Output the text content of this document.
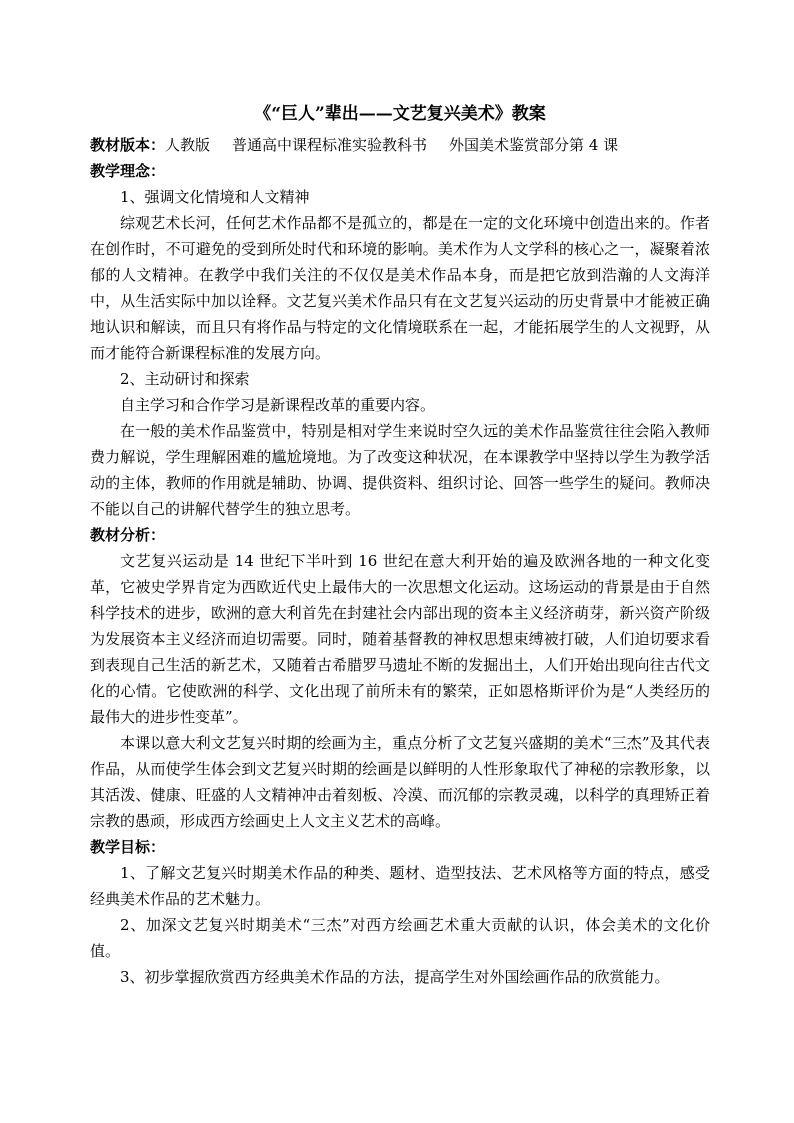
《“巨人”辈出——文艺复兴美术》教案
教材版本：人教版 普通高中课程标准实验教科书 外国美术鉴赏部分第 4 课
教学理念：
1、强调文化情境和人文精神
综观艺术长河，任何艺术作品都不是孤立的，都是在一定的文化环境中创造出来的。作者在创作时，不可避免的受到所处时代和环境的影响。美术作为人文学科的核心之一，凝聚着浓郁的人文精神。在教学中我们关注的不仅仅是美术作品本身，而是把它放到浩瀚的人文海洋中，从生活实际中加以诠释。文艺复兴美术作品只有在文艺复兴运动的历史背景中才能被正确地认识和解读，而且只有将作品与特定的文化情境联系在一起，才能拓展学生的人文视野，从而才能符合新课程标准的发展方向。
2、主动研讨和探索
自主学习和合作学习是新课程改革的重要内容。
在一般的美术作品鉴赏中，特别是相对学生来说时空久远的美术作品鉴赏往往会陷入教师费力解说，学生理解困难的尴尬境地。为了改变这种状况，在本课教学中坚持以学生为教学活动的主体，教师的作用就是辅助、协调、提供资料、组织讨论、回答一些学生的疑问。教师决不能以自己的讲解代替学生的独立思考。
教材分析：
文艺复兴运动是 14 世纪下半叶到 16 世纪在意大利开始的遍及欧洲各地的一种文化变革，它被史学界肯定为西欧近代史上最伟大的一次思想文化运动。这场运动的背景是由于自然科学技术的进步，欧洲的意大利首先在封建社会内部出现的资本主义经济萌芽，新兴资产阶级为发展资本主义经济而迫切需要。同时，随着基督教的神权思想束缚被打破，人们迫切要求看到表现自己生活的新艺术，又随着古希腊罗马遗址不断的发掘出土，人们开始出现向往古代文化的心情。它使欧洲的科学、文化出现了前所未有的繁荣，正如恩格斯评价为是“人类经历的最伟大的进步性变革”。
本课以意大利文艺复兴时期的绘画为主，重点分析了文艺复兴盛期的美术“三杰”及其代表作品，从而使学生体会到文艺复兴时期的绘画是以鲜明的人性形象取代了神秘的宗教形象，以其活泼、健康、旺盛的人文精神冲击着刻板、冷漠、而沉郁的宗教灵魂，以科学的真理矫正着宗教的愚顽，形成西方绘画史上人文主义艺术的高峰。
教学目标：
1、了解文艺复兴时期美术作品的种类、题材、造型技法、艺术风格等方面的特点，感受经典美术作品的艺术魅力。
2、加深文艺复兴时期美术“三杰”对西方绘画艺术重大贡献的认识，体会美术的文化价值。
3、初步掌握欣赏西方经典美术作品的方法，提高学生对外国绘画作品的欣赏能力。
